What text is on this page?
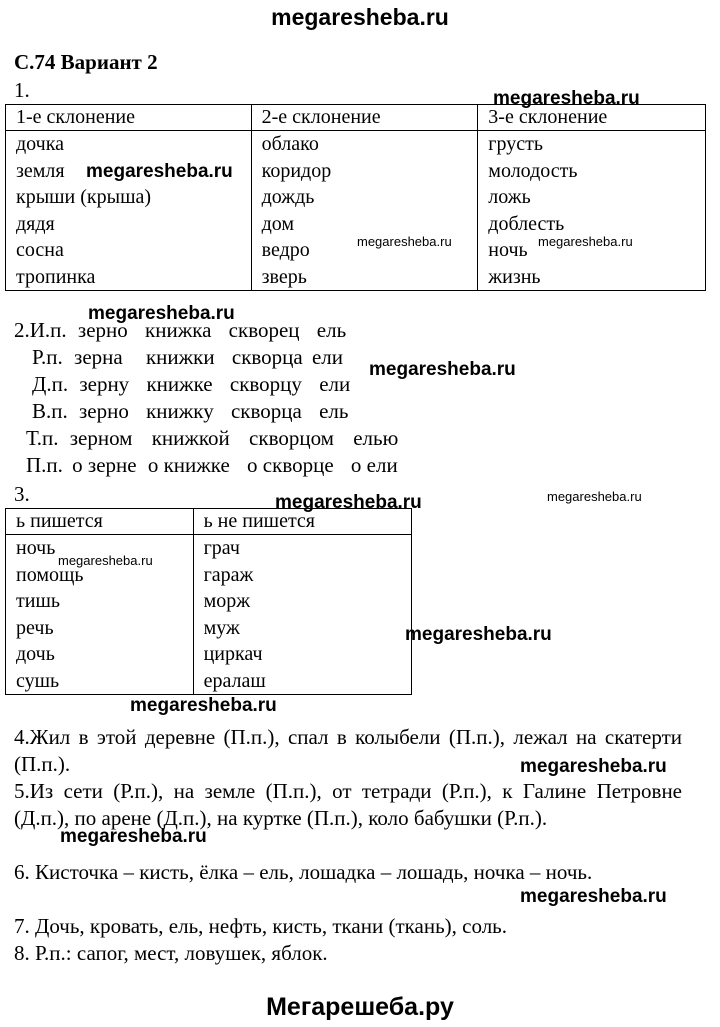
megaresheba.ru
С.74 Вариант 2
1.
1-е склонение	2-е склонение	3-е склонение
дочка	облако	грусть
земля	коридор	молодость
крыши (крыша)	дождь	ложь
дядя	дом	доблесть
сосна	ведро	ночь
тропинка	зверь	жизнь
2.И.п. зерно книжка скворец ель
Р.п. зерна книжки скворца ели
Д.п. зерну книжке скворцу ели
В.п. зерно книжку скворца ель
Т.п. зерном книжкой скворцом елью
П.п. о зерне о книжке о скворце о ели
3.
ь пишется	ь не пишется
ночь	грач
помощь	гараж
тишь	морж
речь	муж
дочь	циркач
сушь	ералаш

4.Жил в этой деревне (П.п.), спал в колыбели (П.п.), лежал на скатерти (П.п.).

5.Из сети (Р.п.), на земле (П.п.), от тетради (Р.п.), к Галине Петровне (Д.п.), по арене (Д.п.), на куртке (П.п.), коло бабушки (Р.п.).

6. Кисточка – кисть, ёлка – ель, лошадка – лошадь, ночка – ночь.

7. Дочь, кровать, ель, нефть, кисть, ткани (ткань), соль.

8. Р.п.: сапог, мест, ловушек, яблок.

megaresheba.ru
megaresheba.ru
megaresheba.ru	megaresheba.ru
megaresheba.ru
megaresheba.ru
megaresheba.ru	megaresheba.ru
megaresheba.ru
megaresheba.ru
megaresheba.ru
megaresheba.ru
megaresheba.ru
megaresheba.ru
Мегарешеба.ру
